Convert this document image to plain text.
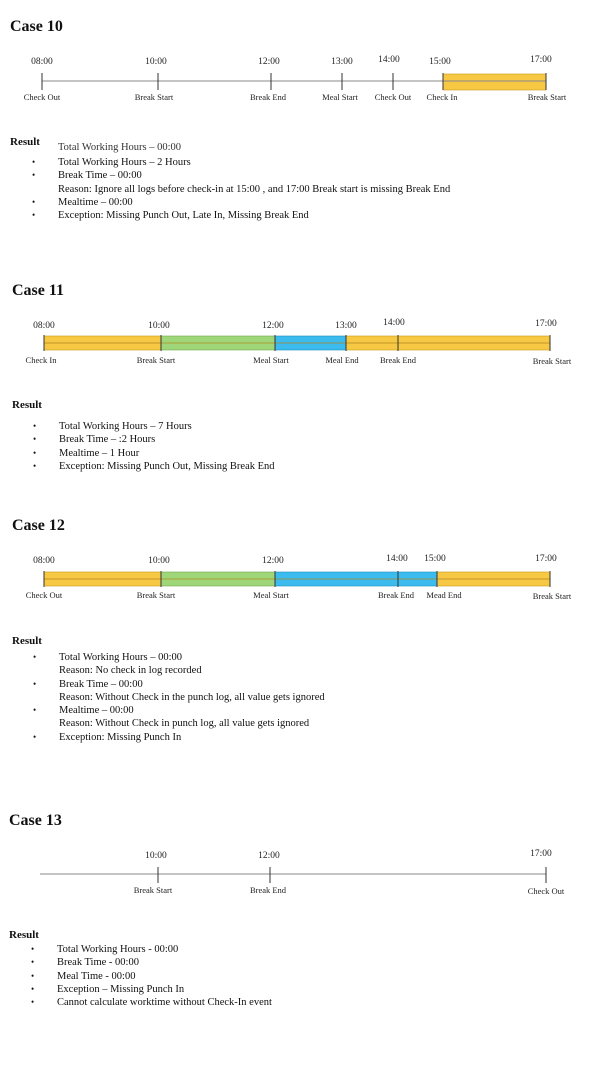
Case 10
08:00	10:00	12:00	13:00	14:00	15:00	17:00
Check Out	Break Start	Break End	Meal Start Check Out Check In	Break Start
Result Total Working Hours – 00:00
• Total Working Hours – 2 Hours
• Break Time – 00:00
Reason: Ignore all logs before check-in at 15:00 , and 17:00 Break start is missing Break End
• Mealtime – 00:00
• Exception: Missing Punch Out, Late In, Missing Break End
Case 11
08:00	10:00	12:00	13:00	14:00	17:00
Check In	Break Start	Meal Start	Meal End	Break End	Break Start
Result
• Total Working Hours – 7 Hours
• Break Time – :2 Hours
• Mealtime – 1 Hour
• Exception: Missing Punch Out, Missing Break End
Case 12
08:00	10:00	12:00	14:00 15:00	17:00
Check Out	Break Start	Meal Start	Break End Mead End	Break Start
Result
• Total Working Hours – 00:00
Reason: No check in log recorded
• Break Time – 00:00
Reason: Without Check in the punch log, all value gets ignored
• Mealtime – 00:00
Reason: Without Check in punch log, all value gets ignored
• Exception: Missing Punch In
Case 13
10:00	12:00	17:00
Break Start	Break End	Check Out
Result
• Total Working Hours - 00:00
• Break Time - 00:00
• Meal Time - 00:00
• Exception – Missing Punch In
• Cannot calculate worktime without Check-In event
